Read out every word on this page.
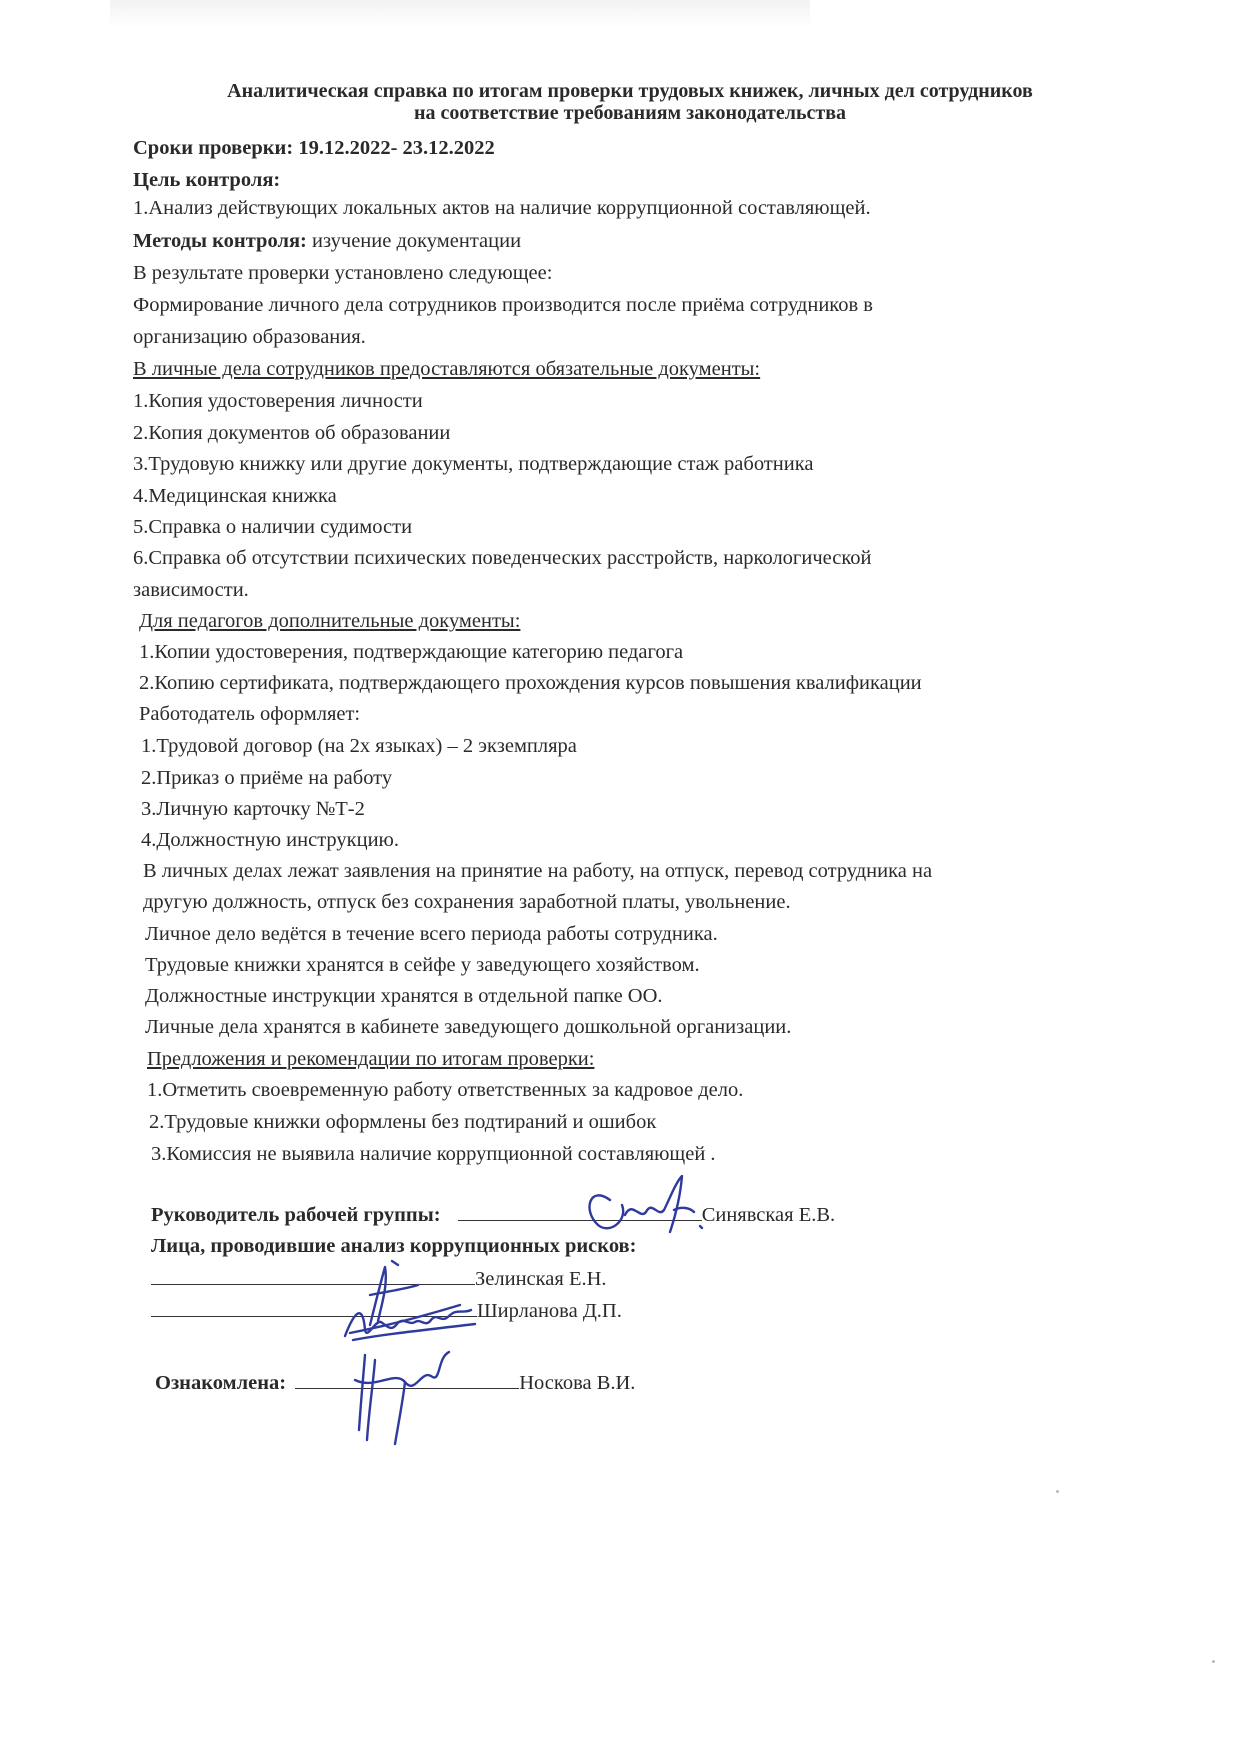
Аналитическая справка по итогам проверки трудовых книжек, личных дел сотрудников
на соответствие требованиям законодательства
Сроки проверки: 19.12.2022- 23.12.2022
Цель контроля:
1.Анализ действующих локальных актов на наличие коррупционной составляющей.
Методы контроля: изучение документации
В результате проверки установлено следующее:
Формирование личного дела сотрудников производится после приёма сотрудников в
организацию образования.
В личные дела сотрудников предоставляются обязательные документы:
1.Копия удостоверения личности
2.Копия документов об образовании
3.Трудовую книжку или другие документы, подтверждающие стаж работника
4.Медицинская книжка
5.Справка о наличии судимости
6.Справка об отсутствии психических поведенческих расстройств, наркологической
зависимости.
Для педагогов дополнительные документы:
1.Копии удостоверения, подтверждающие категорию педагога
2.Копию сертификата, подтверждающего прохождения курсов повышения квалификации
Работодатель оформляет:
1.Трудовой договор (на 2х языках) – 2 экземпляра
2.Приказ о приёме на работу
3.Личную карточку №Т-2
4.Должностную инструкцию.
В личных делах лежат заявления на принятие на работу, на отпуск, перевод сотрудника на
другую должность, отпуск без сохранения заработной платы, увольнение.
Личное дело ведётся в течение всего периода работы сотрудника.
Трудовые книжки хранятся в сейфе у заведующего хозяйством.
Должностные инструкции хранятся в отдельной папке ОО.
Личные дела хранятся в кабинете заведующего дошкольной организации.
Предложения и рекомендации по итогам проверки:
1.Отметить своевременную работу ответственных за кадровое дело.
2.Трудовые книжки оформлены без подтираний и ошибок
3.Комиссия не выявила наличие коррупционной составляющей .
Руководитель рабочей группы:	Синявская Е.В.
Лица, проводившие анализ коррупционных рисков:
Зелинская Е.Н.
Ширланова Д.П.
Ознакомлена:	Носкова В.И.
